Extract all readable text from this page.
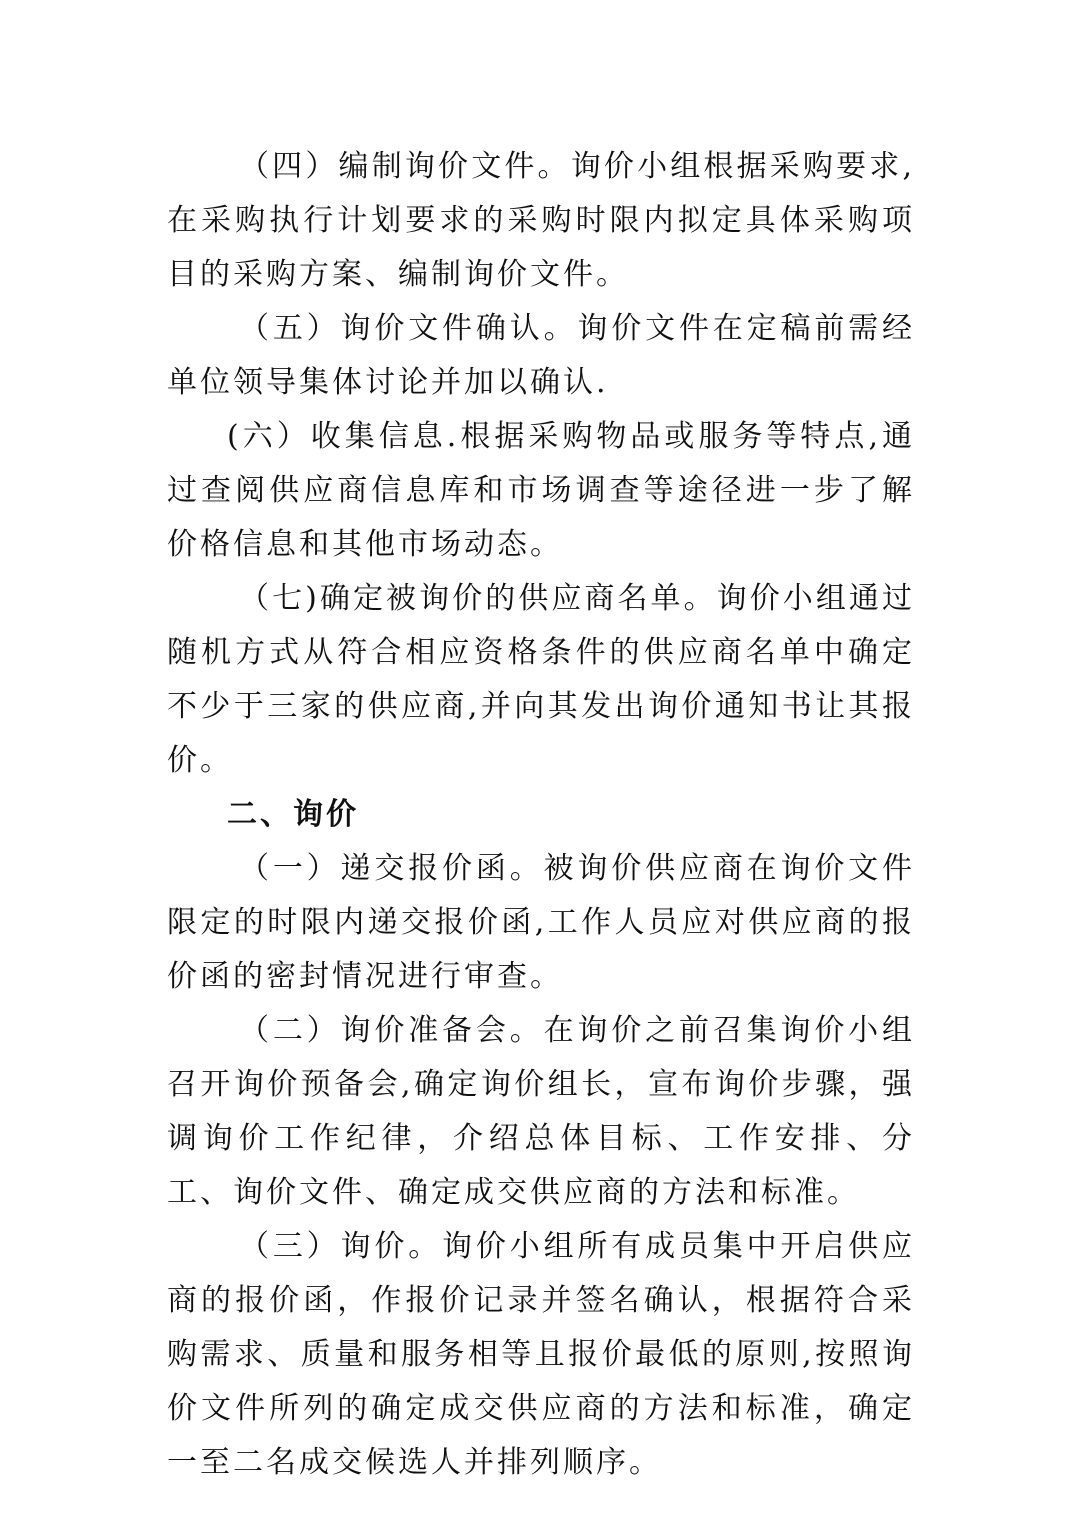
（四）编制询价文件。询价小组根据采购要求,在采购执行计划要求的采购时限内拟定具体采购项目的采购方案、编制询价文件。

（五）询价文件确认。询价文件在定稿前需经单位领导集体讨论并加以确认.

(六）收集信息.根据采购物品或服务等特点,通过查阅供应商信息库和市场调查等途径进一步了解价格信息和其他市场动态。

（七)确定被询价的供应商名单。询价小组通过随机方式从符合相应资格条件的供应商名单中确定不少于三家的供应商,并向其发出询价通知书让其报价。

二、询价

（一）递交报价函。被询价供应商在询价文件限定的时限内递交报价函,工作人员应对供应商的报价函的密封情况进行审查。

（二）询价准备会。在询价之前召集询价小组召开询价预备会,确定询价组长，宣布询价步骤，强调询价工作纪律，介绍总体目标、工作安排、分工、询价文件、确定成交供应商的方法和标准。

（三）询价。询价小组所有成员集中开启供应商的报价函，作报价记录并签名确认，根据符合采购需求、质量和服务相等且报价最低的原则,按照询价文件所列的确定成交供应商的方法和标准，确定一至二名成交候选人并排列顺序。
